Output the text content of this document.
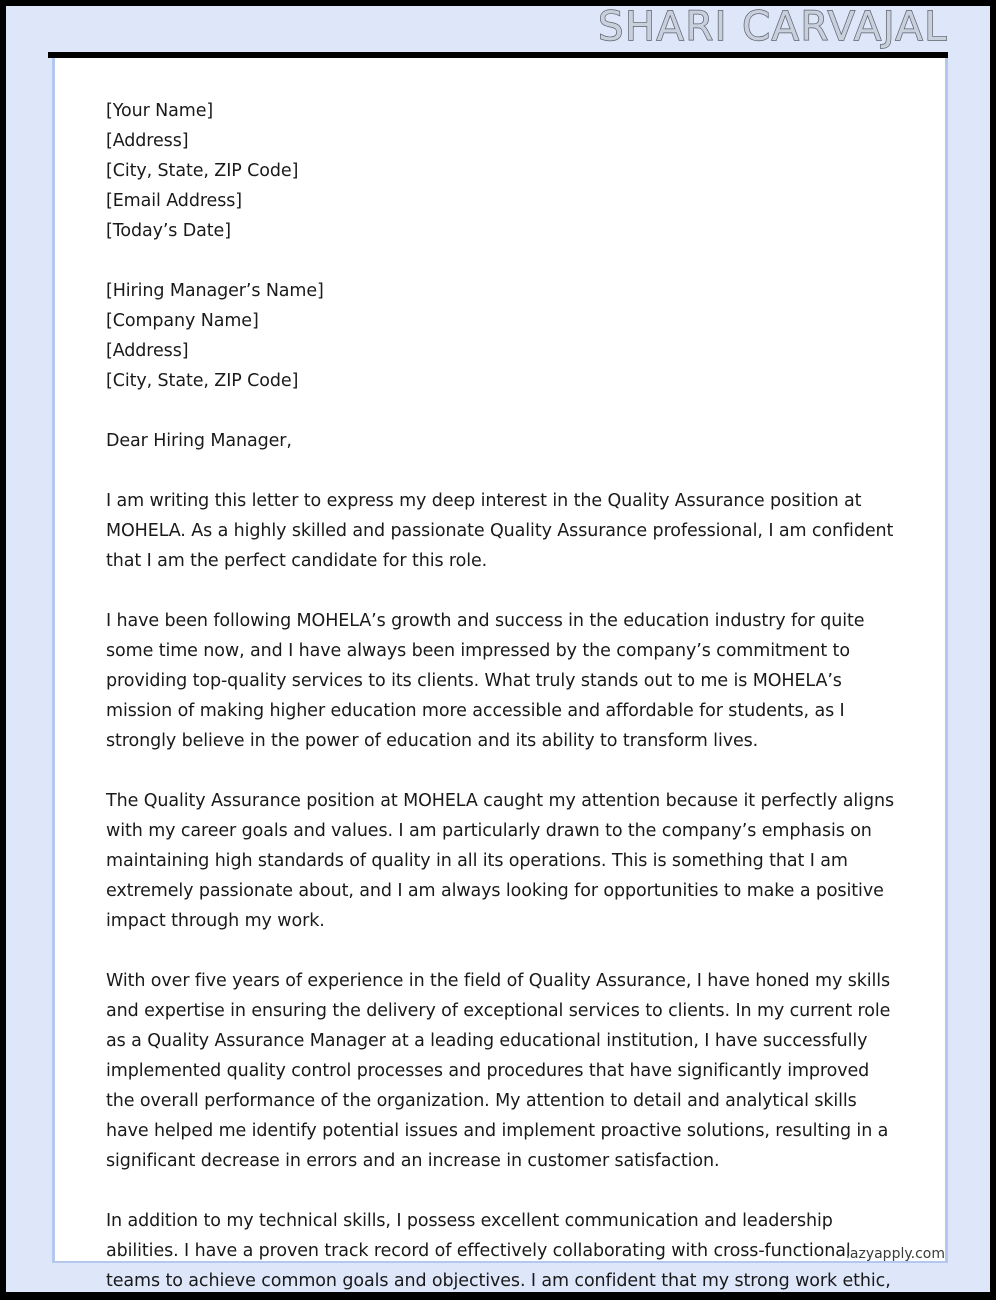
SHARI CARVAJAL
[Your Name]
[Address]
[City, State, ZIP Code]
[Email Address]
[Today’s Date]
[Hiring Manager’s Name]
[Company Name]
[Address]
[City, State, ZIP Code]

Dear Hiring Manager,

I am writing this letter to express my deep interest in the Quality Assurance position at MOHELA. As a highly skilled and passionate Quality Assurance professional, I am confident that I am the perfect candidate for this role.

I have been following MOHELA’s growth and success in the education industry for quite some time now, and I have always been impressed by the company’s commitment to providing top-quality services to its clients. What truly stands out to me is MOHELA’s mission of making higher education more accessible and affordable for students, as I strongly believe in the power of education and its ability to transform lives.

The Quality Assurance position at MOHELA caught my attention because it perfectly aligns with my career goals and values. I am particularly drawn to the company’s emphasis on maintaining high standards of quality in all its operations. This is something that I am extremely passionate about, and I am always looking for opportunities to make a positive impact through my work.

With over five years of experience in the field of Quality Assurance, I have honed my skills and expertise in ensuring the delivery of exceptional services to clients. In my current role as a Quality Assurance Manager at a leading educational institution, I have successfully implemented quality control processes and procedures that have significantly improved the overall performance of the organization. My attention to detail and analytical skills have helped me identify potential issues and implement proactive solutions, resulting in a significant decrease in errors and an increase in customer satisfaction.

In addition to my technical skills, I possess excellent communication and leadership abilities. I have a proven track record of effectively collaborating with cross-functional teams to achieve common goals and objectives. I am confident that my strong work ethic,

lazyapply.com
